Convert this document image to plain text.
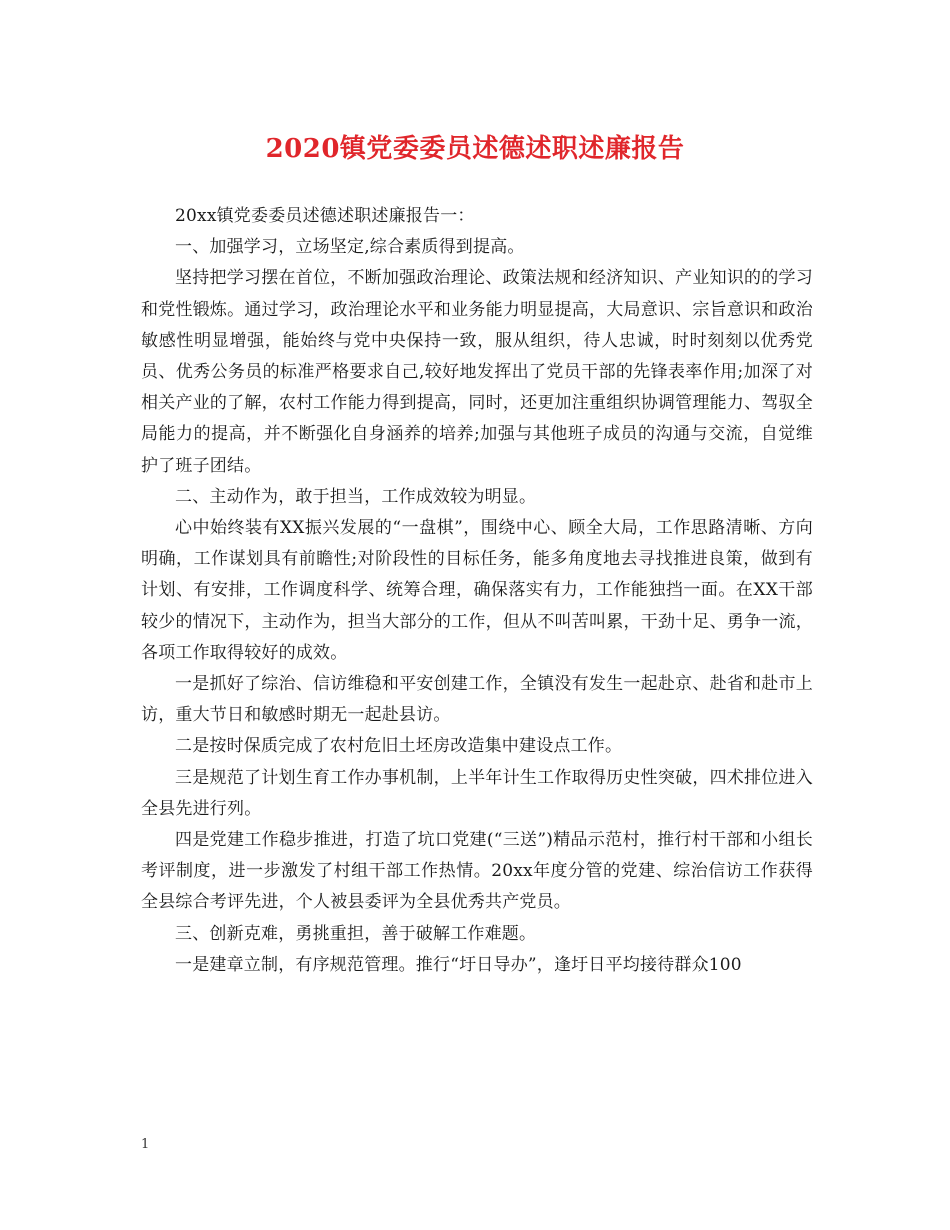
2020镇党委委员述德述职述廉报告

20xx镇党委委员述德述职述廉报告一：

一、加强学习，立场坚定,综合素质得到提高。

坚持把学习摆在首位，不断加强政治理论、政策法规和经济知识、产业知识的的学习和党性锻炼。通过学习，政治理论水平和业务能力明显提高，大局意识、宗旨意识和政治敏感性明显增强，能始终与党中央保持一致，服从组织，待人忠诚，时时刻刻以优秀党员、优秀公务员的标准严格要求自己,较好地发挥出了党员干部的先锋表率作用;加深了对相关产业的了解，农村工作能力得到提高，同时，还更加注重组织协调管理能力、驾驭全局能力的提高，并不断强化自身涵养的培养;加强与其他班子成员的沟通与交流，自觉维护了班子团结。

二、主动作为，敢于担当，工作成效较为明显。

心中始终装有XX振兴发展的“一盘棋”，围绕中心、顾全大局，工作思路清晰、方向明确，工作谋划具有前瞻性;对阶段性的目标任务，能多角度地去寻找推进良策，做到有计划、有安排，工作调度科学、统筹合理，确保落实有力，工作能独挡一面。在XX干部较少的情况下，主动作为，担当大部分的工作，但从不叫苦叫累，干劲十足、勇争一流，各项工作取得较好的成效。

一是抓好了综治、信访维稳和平安创建工作，全镇没有发生一起赴京、赴省和赴市上访，重大节日和敏感时期无一起赴县访。

二是按时保质完成了农村危旧土坯房改造集中建设点工作。

三是规范了计划生育工作办事机制，上半年计生工作取得历史性突破，四术排位进入全县先进行列。

四是党建工作稳步推进，打造了坑口党建(“三送”)精品示范村，推行村干部和小组长考评制度，进一步激发了村组干部工作热情。20xx年度分管的党建、综治信访工作获得全县综合考评先进，个人被县委评为全县优秀共产党员。

三、创新克难，勇挑重担，善于破解工作难题。

一是建章立制，有序规范管理。推行“圩日导办”，逢圩日平均接待群众100

1
